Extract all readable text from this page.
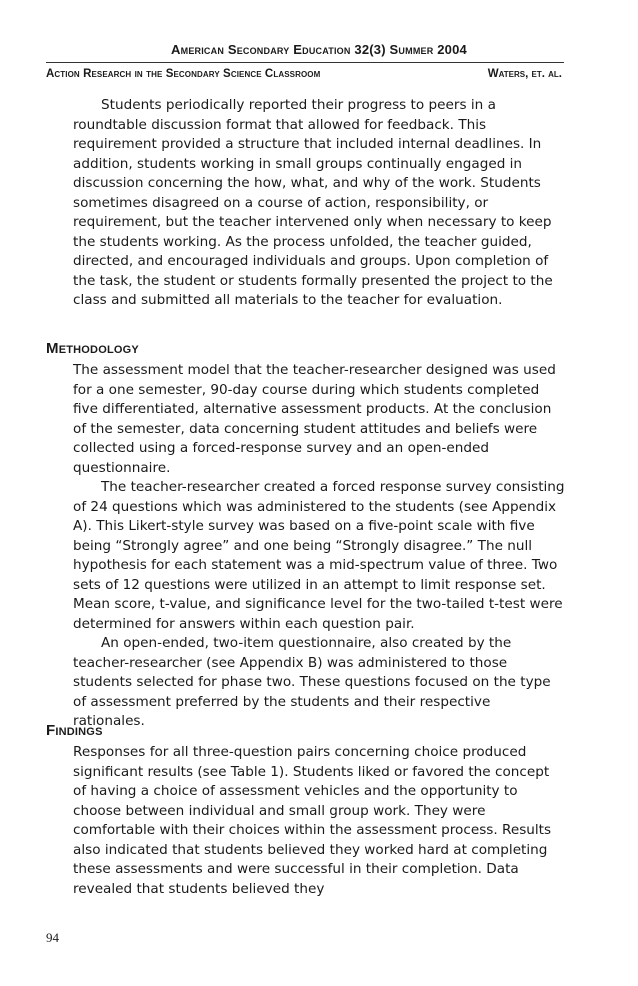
American Secondary Education 32(3) Summer 2004
Action Research in the Secondary Science Classroom	Waters, et. al.

Students periodically reported their progress to peers in a roundtable discussion format that allowed for feedback. This requirement provided a structure that included internal deadlines. In addition, students working in small groups continually engaged in discussion concerning the how, what, and why of the work. Students sometimes disagreed on a course of action, responsibility, or requirement, but the teacher intervened only when necessary to keep the students working. As the process unfolded, the teacher guided, directed, and encouraged individuals and groups. Upon completion of the task, the student or students formally presented the project to the class and submitted all materials to the teacher for evaluation.

Methodology

The assessment model that the teacher-researcher designed was used for a one semester, 90-day course during which students completed five differentiated, alternative assessment products. At the conclusion of the semester, data concerning student attitudes and beliefs were collected using a forced-response survey and an open-ended questionnaire.

The teacher-researcher created a forced response survey consisting of 24 questions which was administered to the students (see Appendix A). This Likert-style survey was based on a five-point scale with five being “Strongly agree” and one being “Strongly disagree.” The null hypothesis for each statement was a mid-spectrum value of three. Two sets of 12 questions were utilized in an attempt to limit response set. Mean score, t-value, and significance level for the two-tailed t-test were determined for answers within each question pair.

An open-ended, two-item questionnaire, also created by the teacher-researcher (see Appendix B) was administered to those students selected for phase two. These questions focused on the type of assessment preferred by the students and their respective rationales.

Findings

Responses for all three-question pairs concerning choice produced significant results (see Table 1). Students liked or favored the concept of having a choice of assessment vehicles and the opportunity to choose between individual and small group work. They were comfortable with their choices within the assessment process. Results also indicated that students believed they worked hard at completing these assessments and were successful in their completion. Data revealed that students believed they

94
